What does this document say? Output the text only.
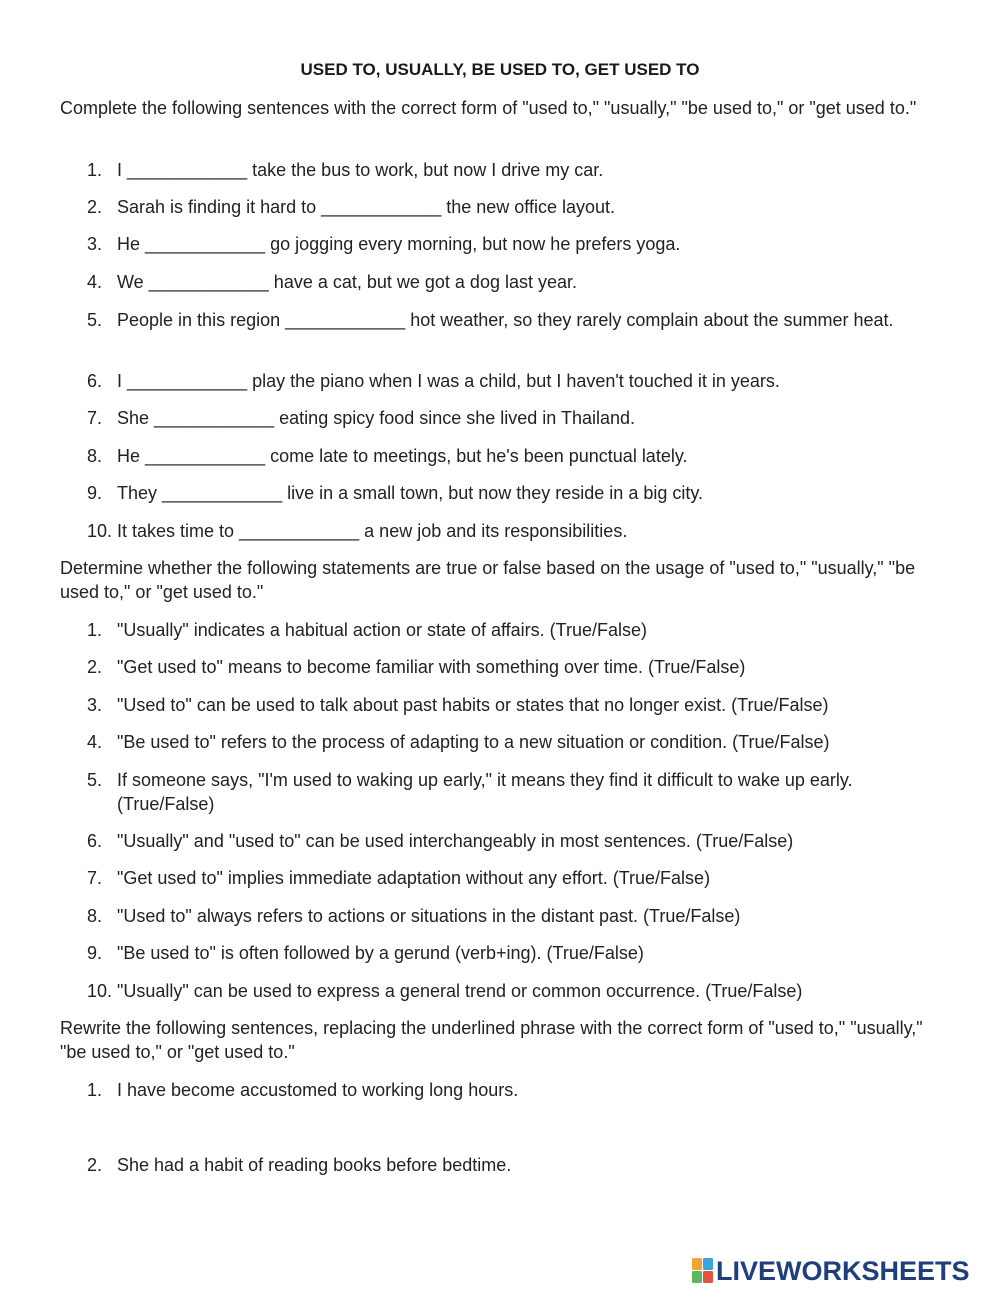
USED TO, USUALLY, BE USED TO, GET USED TO
Complete the following sentences with the correct form of "used to," "usually," "be used to," or "get used to."
1. I ____________ take the bus to work, but now I drive my car.
2. Sarah is finding it hard to ____________ the new office layout.
3. He ____________ go jogging every morning, but now he prefers yoga.
4. We ____________ have a cat, but we got a dog last year.
5. People in this region ____________ hot weather, so they rarely complain about the summer heat.
6. I ____________ play the piano when I was a child, but I haven't touched it in years.
7. She ____________ eating spicy food since she lived in Thailand.
8. He ____________ come late to meetings, but he's been punctual lately.
9. They ____________ live in a small town, but now they reside in a big city.
10. It takes time to ____________ a new job and its responsibilities.
Determine whether the following statements are true or false based on the usage of "used to," "usually," "be used to," or "get used to."
1. "Usually" indicates a habitual action or state of affairs. (True/False)
2. "Get used to" means to become familiar with something over time. (True/False)
3. "Used to" can be used to talk about past habits or states that no longer exist. (True/False)
4. "Be used to" refers to the process of adapting to a new situation or condition. (True/False)
5. If someone says, "I'm used to waking up early," it means they find it difficult to wake up early. (True/False)
6. "Usually" and "used to" can be used interchangeably in most sentences. (True/False)
7. "Get used to" implies immediate adaptation without any effort. (True/False)
8. "Used to" always refers to actions or situations in the distant past. (True/False)
9. "Be used to" is often followed by a gerund (verb+ing). (True/False)
10. "Usually" can be used to express a general trend or common occurrence. (True/False)
Rewrite the following sentences, replacing the underlined phrase with the correct form of "used to," "usually," "be used to," or "get used to."
1. I have become accustomed to working long hours.
2. She had a habit of reading books before bedtime.
LIVEWORKSHEETS
